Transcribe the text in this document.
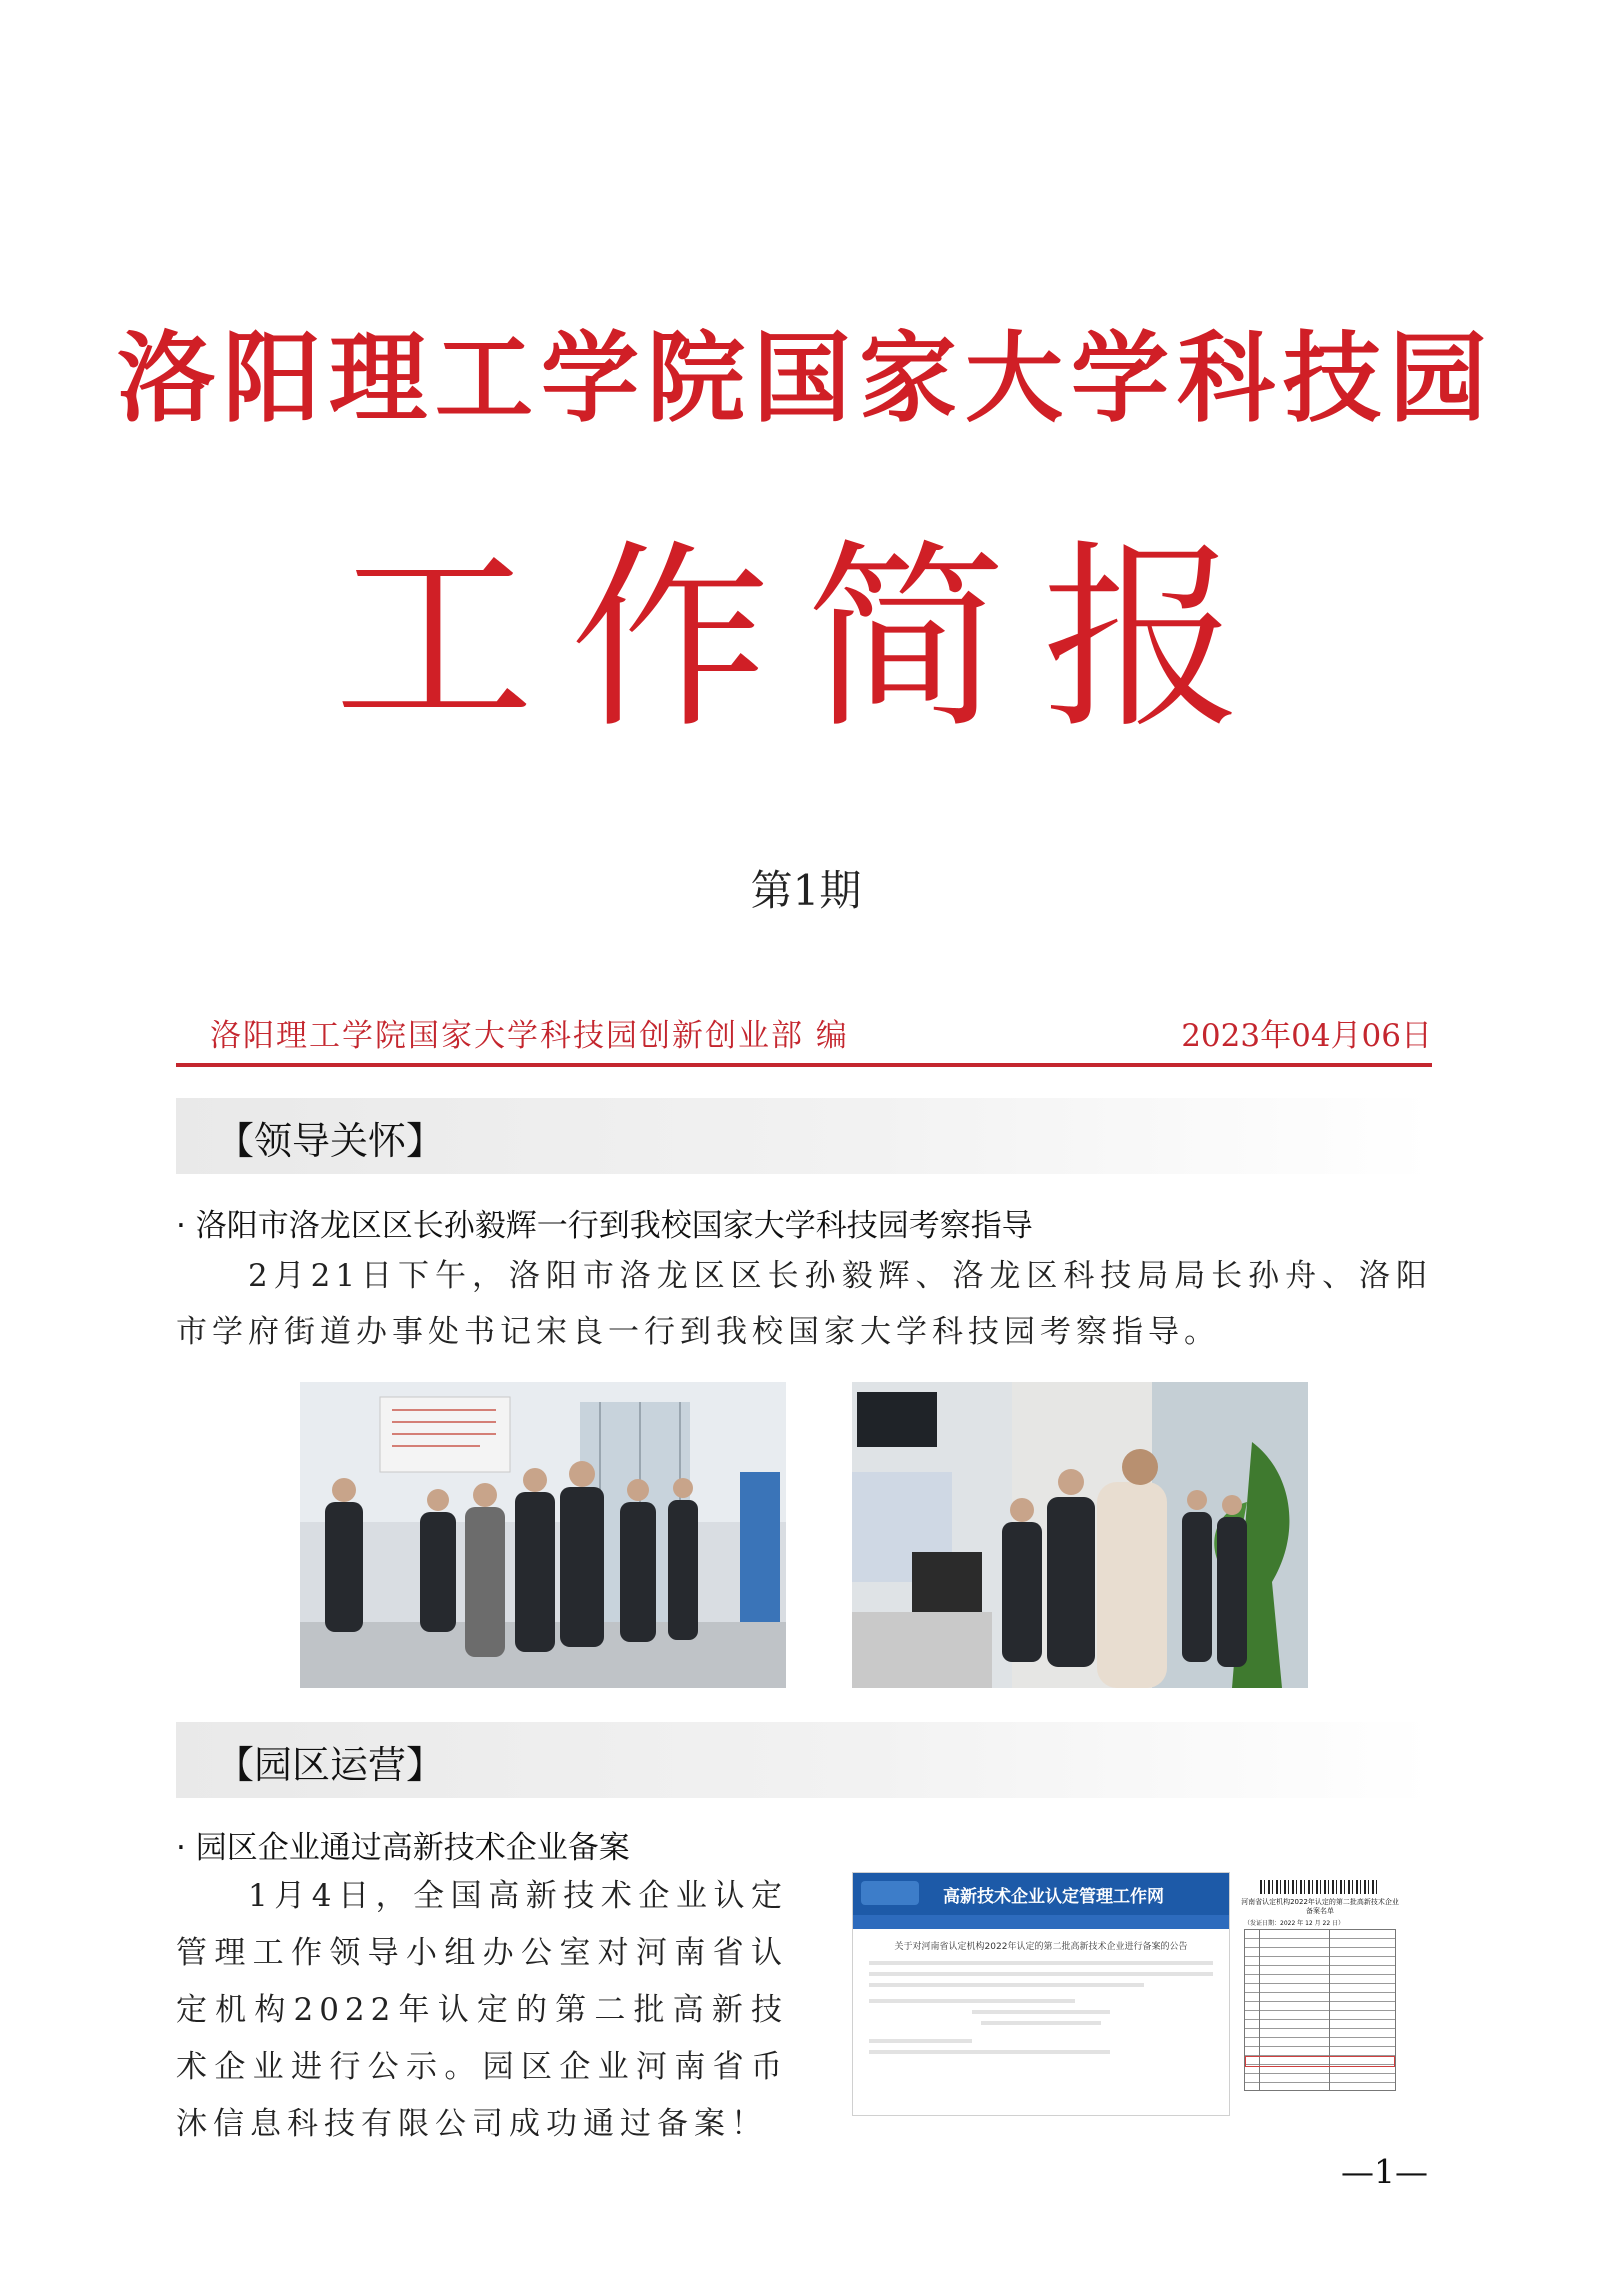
洛阳理工学院国家大学科技园
工作简报
第1期
洛阳理工学院国家大学科技园创新创业部 编	2023年04月06日
【领导关怀】
· 洛阳市洛龙区区长孙毅辉一行到我校国家大学科技园考察指导
2月21日下午，洛阳市洛龙区区长孙毅辉、洛龙区科技局局长孙舟、洛阳市学府街道办事处书记宋良一行到我校国家大学科技园考察指导。
【园区运营】
· 园区企业通过高新技术企业备案
1月4日，全国高新技术企业认定管理工作领导小组办公室对河南省认定机构2022年认定的第二批高新技术企业进行公示。园区企业河南省币沐信息科技有限公司成功通过备案！
高新技术企业认定管理工作网
关于对河南省认定机构2022年认定的第二批高新技术企业进行备案的公告
河南省认定机构2022年认定的第二批高新技术企业备案名单
（发证日期：2022 年 12 月 22 日）
—1—
